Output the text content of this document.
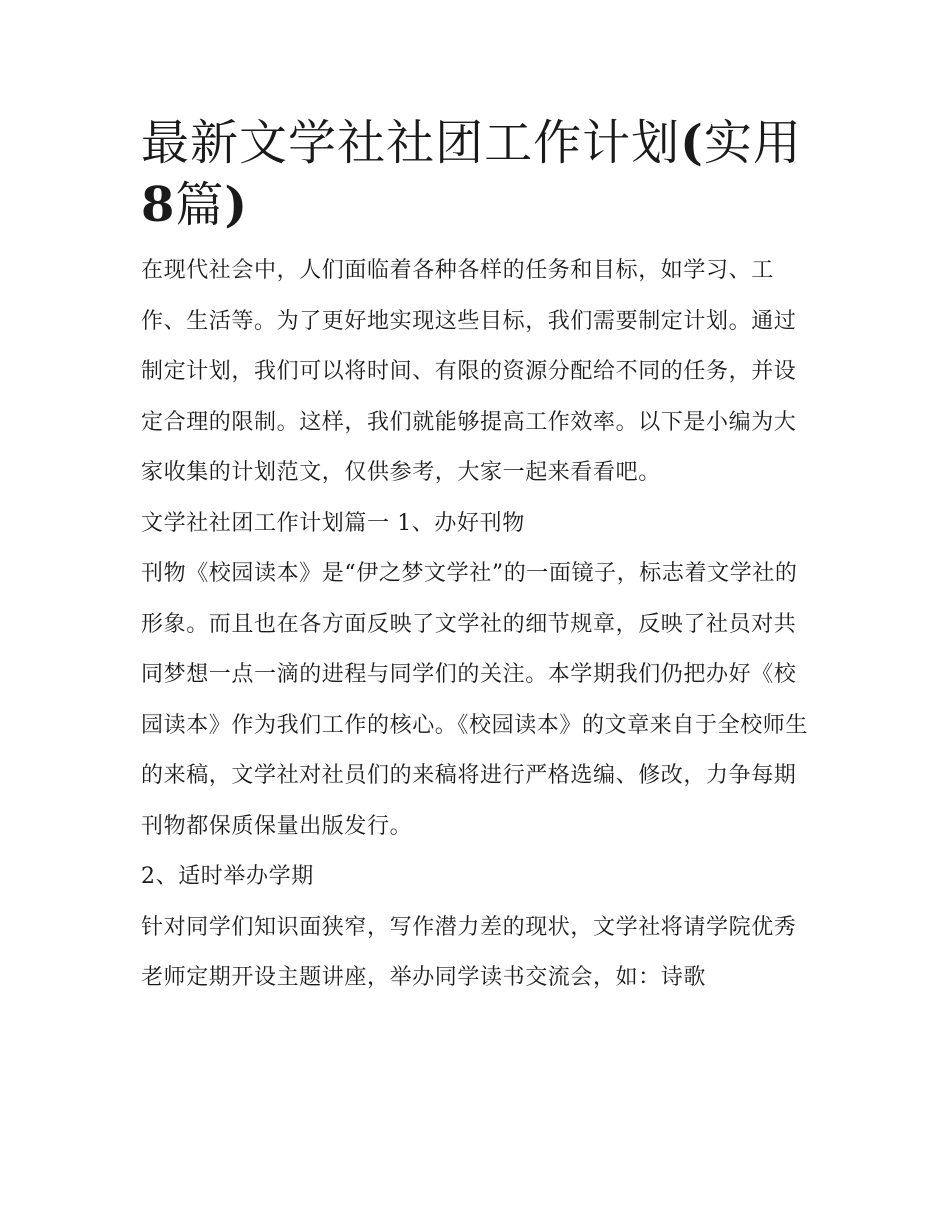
最新文学社社团工作计划(实用8篇)

在现代社会中，人们面临着各种各样的任务和目标，如学习、工作、生活等。为了更好地实现这些目标，我们需要制定计划。通过制定计划，我们可以将时间、有限的资源分配给不同的任务，并设定合理的限制。这样，我们就能够提高工作效率。以下是小编为大家收集的计划范文，仅供参考，大家一起来看看吧。

文学社社团工作计划篇一 1、办好刊物

刊物《校园读本》是“伊之梦文学社”的一面镜子，标志着文学社的形象。而且也在各方面反映了文学社的细节规章，反映了社员对共同梦想一点一滴的进程与同学们的关注。本学期我们仍把办好《校园读本》作为我们工作的核心。《校园读本》的文章来自于全校师生的来稿，文学社对社员们的来稿将进行严格选编、修改，力争每期刊物都保质保量出版发行。

2、适时举办学期

针对同学们知识面狭窄，写作潜力差的现状，文学社将请学院优秀老师定期开设主题讲座，举办同学读书交流会，如：诗歌
